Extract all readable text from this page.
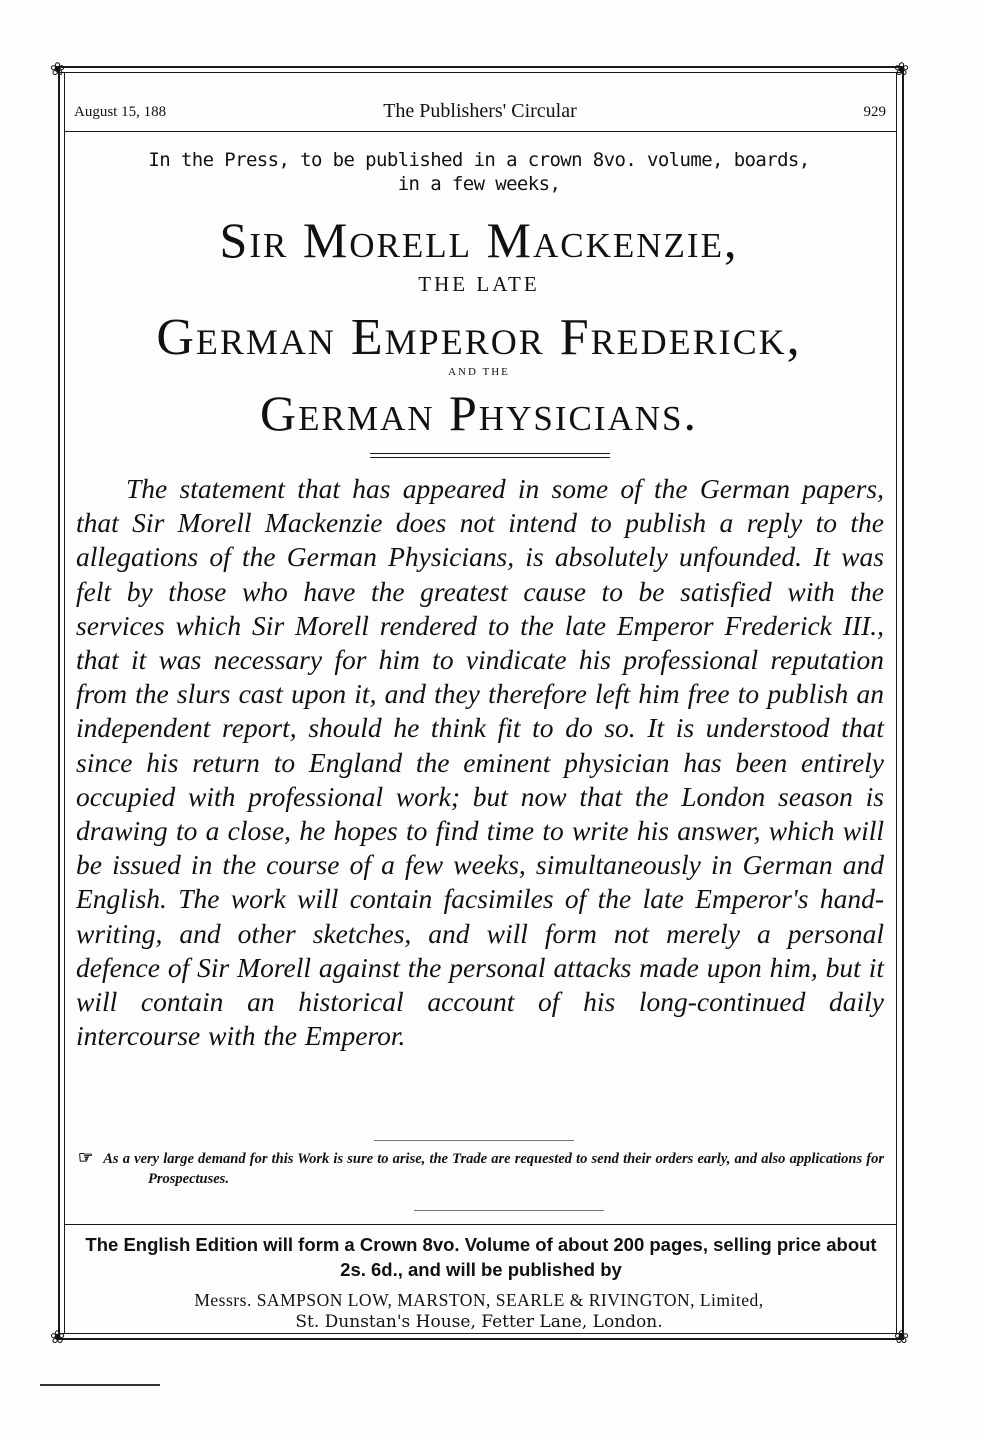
❀	❀
❀	❀
August 15, 188	The Publishers' Circular	929
In the Press, to be published in a crown 8vo. volume, boards,
in a few weeks,
Sir Morell Mackenzie,
THE LATE
German Emperor Frederick,
AND THE
German Physicians.
The statement that has appeared in some of the German papers, that Sir Morell Mackenzie does not intend to publish a reply to the allegations of the German Physicians, is absolutely unfounded. It was felt by those who have the greatest cause to be satisfied with the services which Sir Morell rendered to the late Emperor Frederick III., that it was necessary for him to vindicate his professional reputation from the slurs cast upon it, and they therefore left him free to publish an independent report, should he think fit to do so. It is understood that since his return to England the eminent physician has been entirely occupied with professional work; but now that the London season is drawing to a close, he hopes to find time to write his answer, which will be issued in the course of a few weeks, simultaneously in German and English. The work will contain facsimiles of the late Emperor's hand-writing, and other sketches, and will form not merely a personal defence of Sir Morell against the personal attacks made upon him, but it will contain an historical account of his long-continued daily intercourse with the Emperor.
☞ As a very large demand for this Work is sure to arise, the Trade are requested to send their orders early, and also applications for Prospectuses.
The English Edition will form a Crown 8vo. Volume of about 200 pages, selling price about 2s. 6d., and will be published by
Messrs. SAMPSON LOW, MARSTON, SEARLE & RIVINGTON, Limited,
St. Dunstan's House, Fetter Lane, London.
